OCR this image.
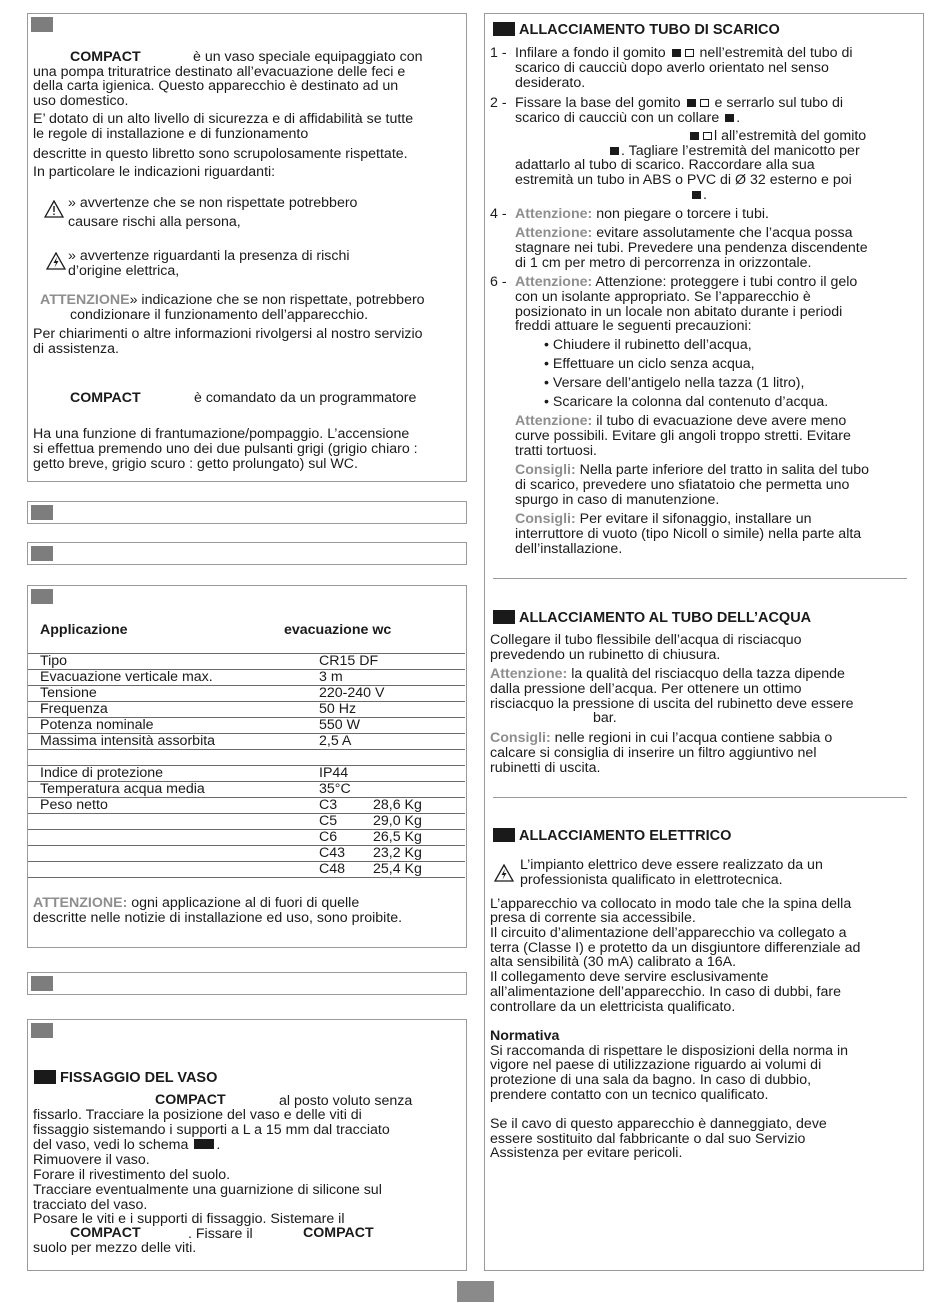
COMPACT	è un vaso speciale equipaggiato con
una pompa trituratrice destinato all’evacuazione delle feci e
della carta igienica. Questo apparecchio è destinato ad un
uso domestico.
E’ dotato di un alto livello di sicurezza e di affidabilità se tutte
le regole di installazione e di funzionamento
descritte in questo libretto sono scrupolosamente rispettate.
In particolare le indicazioni riguardanti:
» avvertenze che se non rispettate potrebbero
causare rischi alla persona,
» avvertenze riguardanti la presenza di rischi
d’origine elettrica,
ATTENZIONE» indicazione che se non rispettate, potrebbero
condizionare il funzionamento dell’apparecchio.
Per chiarimenti o altre informazioni rivolgersi al nostro servizio
di assistenza.
COMPACT	è comandato da un programmatore
Ha una funzione di frantumazione/pompaggio. L’accensione
si effettua premendo uno dei due pulsanti grigi (grigio chiaro :
getto breve, grigio scuro : getto prolungato) sul WC.
Applicazione	evacuazione wc
Tipo	CR15 DF
Evacuazione verticale max.	3 m
Tensione	220-240 V
Frequenza	50 Hz
Potenza nominale	550 W
Massima intensità assorbita	2,5 A
Indice di protezione	IP44
Temperatura acqua media	35°C
Peso netto	C3	28,6 Kg
C5	29,0 Kg
C6	26,5 Kg
C43 23,2 Kg
C48 25,4 Kg
ATTENZIONE: ogni applicazione al di fuori di quelle
descritte nelle notizie di installazione ed uso, sono proibite.
FISSAGGIO DEL VASO
COMPACT	al posto voluto senza
fissarlo. Tracciare la posizione del vaso e delle viti di
fissaggio sistemando i supporti a L a 15 mm dal tracciato
del vaso, vedi lo schema .
Rimuovere il vaso.
Forare il rivestimento del suolo.
Tracciare eventualmente una guarnizione di silicone sul
tracciato del vaso.
Posare le viti e i supporti di fissaggio. Sistemare il
COMPACT	. Fissare il	COMPACT
suolo per mezzo delle viti.
ALLACCIAMENTO TUBO DI SCARICO
1 - Infilare a fondo il gomito nell’estremità del tubo di
scarico di caucciù dopo averlo orientato nel senso
desiderato.
2 - Fissare la base del gomito e serrarlo sul tubo di
scarico di caucciù con un collare .
l all’estremità del gomito
. Tagliare l’estremità del manicotto per
adattarlo al tubo di scarico. Raccordare alla sua
estremità un tubo in ABS o PVC di Ø 32 esterno e poi
.
4 - Attenzione: non piegare o torcere i tubi.
Attenzione: evitare assolutamente che l’acqua possa
stagnare nei tubi. Prevedere una pendenza discendente
di 1 cm per metro di percorrenza in orizzontale.
6 - Attenzione: Attenzione: proteggere i tubi contro il gelo
con un isolante appropriato. Se l’apparecchio è
posizionato in un locale non abitato durante i periodi
freddi attuare le seguenti precauzioni:
• Chiudere il rubinetto dell’acqua,
• Effettuare un ciclo senza acqua,
• Versare dell’antigelo nella tazza (1 litro),
• Scaricare la colonna dal contenuto d’acqua.
Attenzione: il tubo di evacuazione deve avere meno
curve possibili. Evitare gli angoli troppo stretti. Evitare
tratti tortuosi.
Consigli: Nella parte inferiore del tratto in salita del tubo
di scarico, prevedere uno sfiatatoio che permetta uno
spurgo in caso di manutenzione.
Consigli: Per evitare il sifonaggio, installare un
interruttore di vuoto (tipo Nicoll o simile) nella parte alta
dell’installazione.
ALLACCIAMENTO AL TUBO DELL’ACQUA
Collegare il tubo flessibile dell’acqua di risciacquo
prevedendo un rubinetto di chiusura.
Attenzione: la qualità del risciacquo della tazza dipende
dalla pressione dell’acqua. Per ottenere un ottimo
risciacquo la pressione di uscita del rubinetto deve essere
bar.
Consigli: nelle regioni in cui l’acqua contiene sabbia o
calcare si consiglia di inserire un filtro aggiuntivo nel
rubinetti di uscita.
ALLACCIAMENTO ELETTRICO
L’impianto elettrico deve essere realizzato da un
professionista qualificato in elettrotecnica.
L’apparecchio va collocato in modo tale che la spina della
presa di corrente sia accessibile.
Il circuito d’alimentazione dell’apparecchio va collegato a
terra (Classe I) e protetto da un disgiuntore differenziale ad
alta sensibilità (30 mA) calibrato a 16A.
Il collegamento deve servire esclusivamente
all’alimentazione dell’apparecchio. In caso di dubbi, fare
controllare da un elettricista qualificato.
Normativa
Si raccomanda di rispettare le disposizioni della norma in
vigore nel paese di utilizzazione riguardo ai volumi di
protezione di una sala da bagno. In caso di dubbio,
prendere contatto con un tecnico qualificato.
Se il cavo di questo apparecchio è danneggiato, deve
essere sostituito dal fabbricante o dal suo Servizio
Assistenza per evitare pericoli.
